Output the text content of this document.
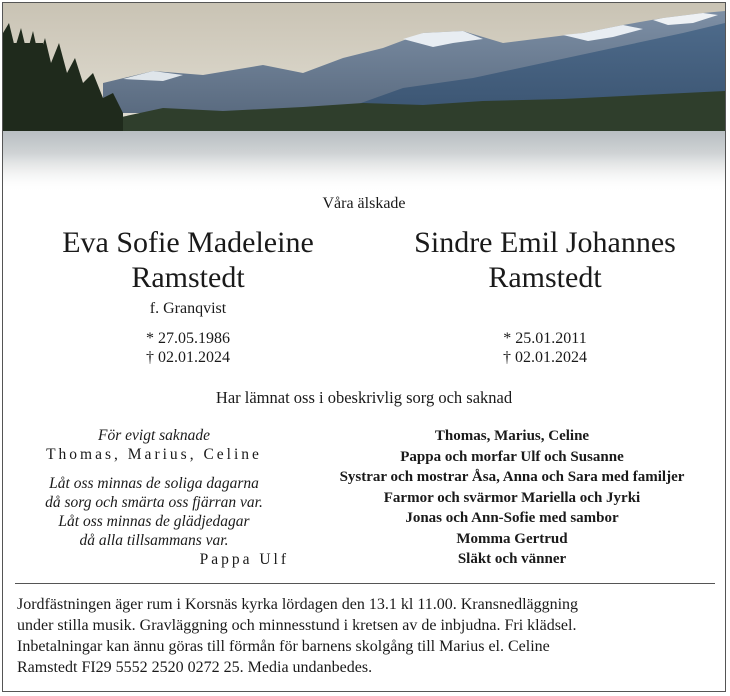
Våra älskade
Eva Sofie Madeleine
Ramstedt
Sindre Emil Johannes
Ramstedt
f. Granqvist
* 27.05.1986
† 02.01.2024
* 25.01.2011
† 02.01.2024
Har lämnat oss i obeskrivlig sorg och saknad
För evigt saknade
Thomas, Marius, Celine
Låt oss minnas de soliga dagarna
då sorg och smärta oss fjärran var.
Låt oss minnas de glädjedagar
då alla tillsammans var.
Pappa Ulf
Thomas, Marius, Celine
Pappa och morfar Ulf och Susanne
Systrar och mostrar Åsa, Anna och Sara med familjer
Farmor och svärmor Mariella och Jyrki
Jonas och Ann-Sofie med sambor
Momma Gertrud
Släkt och vänner
Jordfästningen äger rum i Korsnäs kyrka lördagen den 13.1 kl 11.00. Kransnedläggning
under stilla musik. Gravläggning och minnesstund i kretsen av de inbjudna. Fri klädsel.
Inbetalningar kan ännu göras till förmån för barnens skolgång till Marius el. Celine
Ramstedt FI29 5552 2520 0272 25. Media undanbedes.
